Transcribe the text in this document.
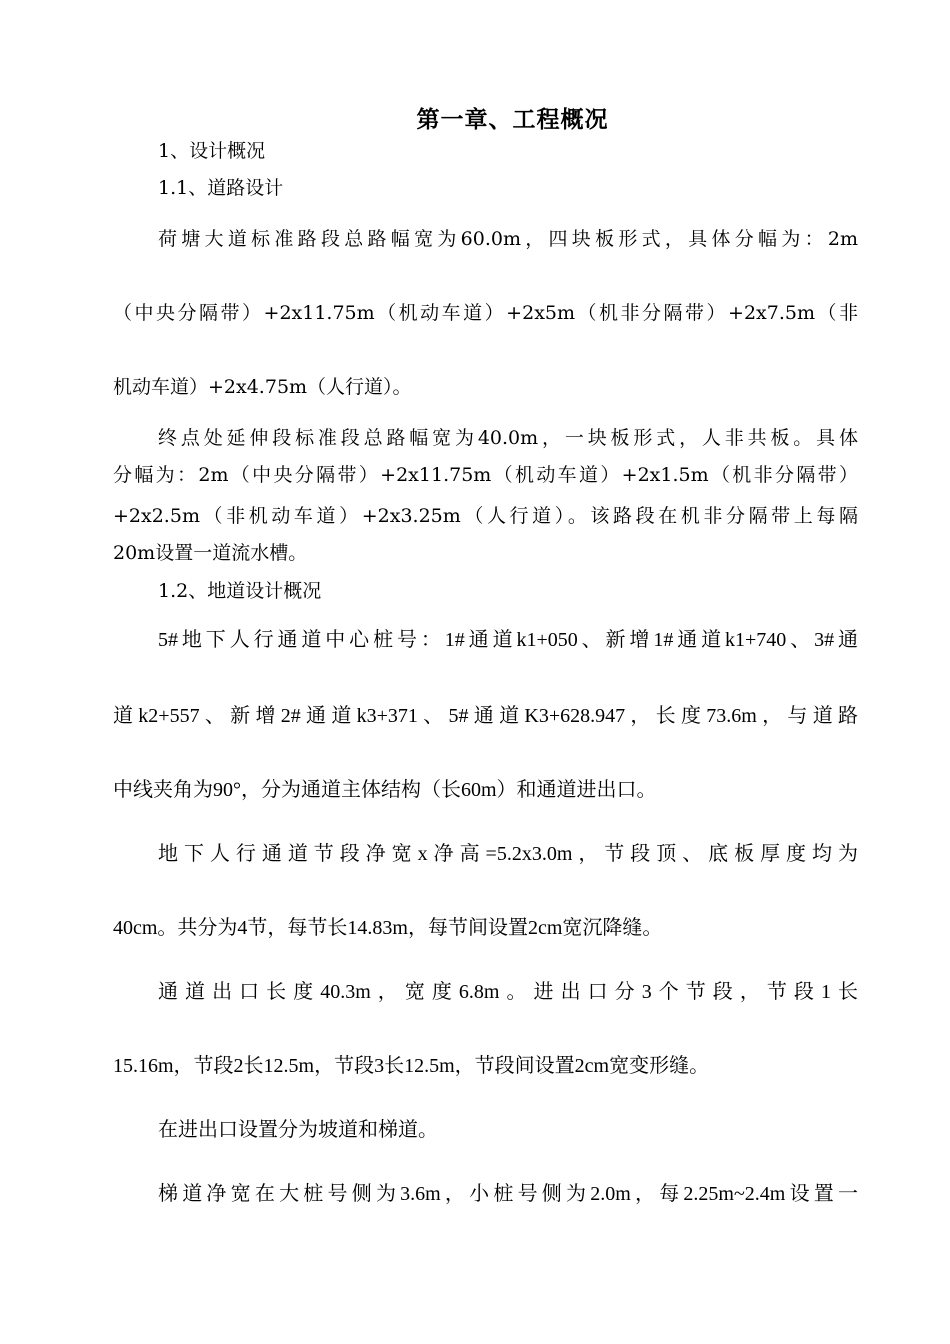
第一章、工程概况
1、设计概况
1.1、道路设计
荷塘大道标准路段总路幅宽为60.0m，四块板形式，具体分幅为：2m
（中央分隔带）+2x11.75m（机动车道）+2x5m（机非分隔带）+2x7.5m（非
机动车道）+2x4.75m（人行道）。
终点处延伸段标准段总路幅宽为40.0m，一块板形式，人非共板。具体
分幅为：2m（中央分隔带）+2x11.75m（机动车道）+2x1.5m（机非分隔带）
+2x2.5m（非机动车道）+2x3.25m（人行道）。该路段在机非分隔带上每隔
20m设置一道流水槽。
1.2、地道设计概况
5#地下人行通道中心桩号：1#通道k1+050、新增1#通道k1+740、3#通
道k2+557、新增2#通道k3+371、5#通道K3+628.947，长度73.6m，与道路
中线夹角为90°，分为通道主体结构（长60m）和通道进出口。
地下人行通道节段净宽x净高=5.2x3.0m，节段顶、底板厚度均为
40cm。共分为4节，每节长14.83m，每节间设置2cm宽沉降缝。
通道出口长度40.3m，宽度6.8m。进出口分3个节段，节段1长
15.16m，节段2长12.5m，节段3长12.5m，节段间设置2cm宽变形缝。
在进出口设置分为坡道和梯道。
梯道净宽在大桩号侧为3.6m，小桩号侧为2.0m，每2.25m~2.4m设置一
